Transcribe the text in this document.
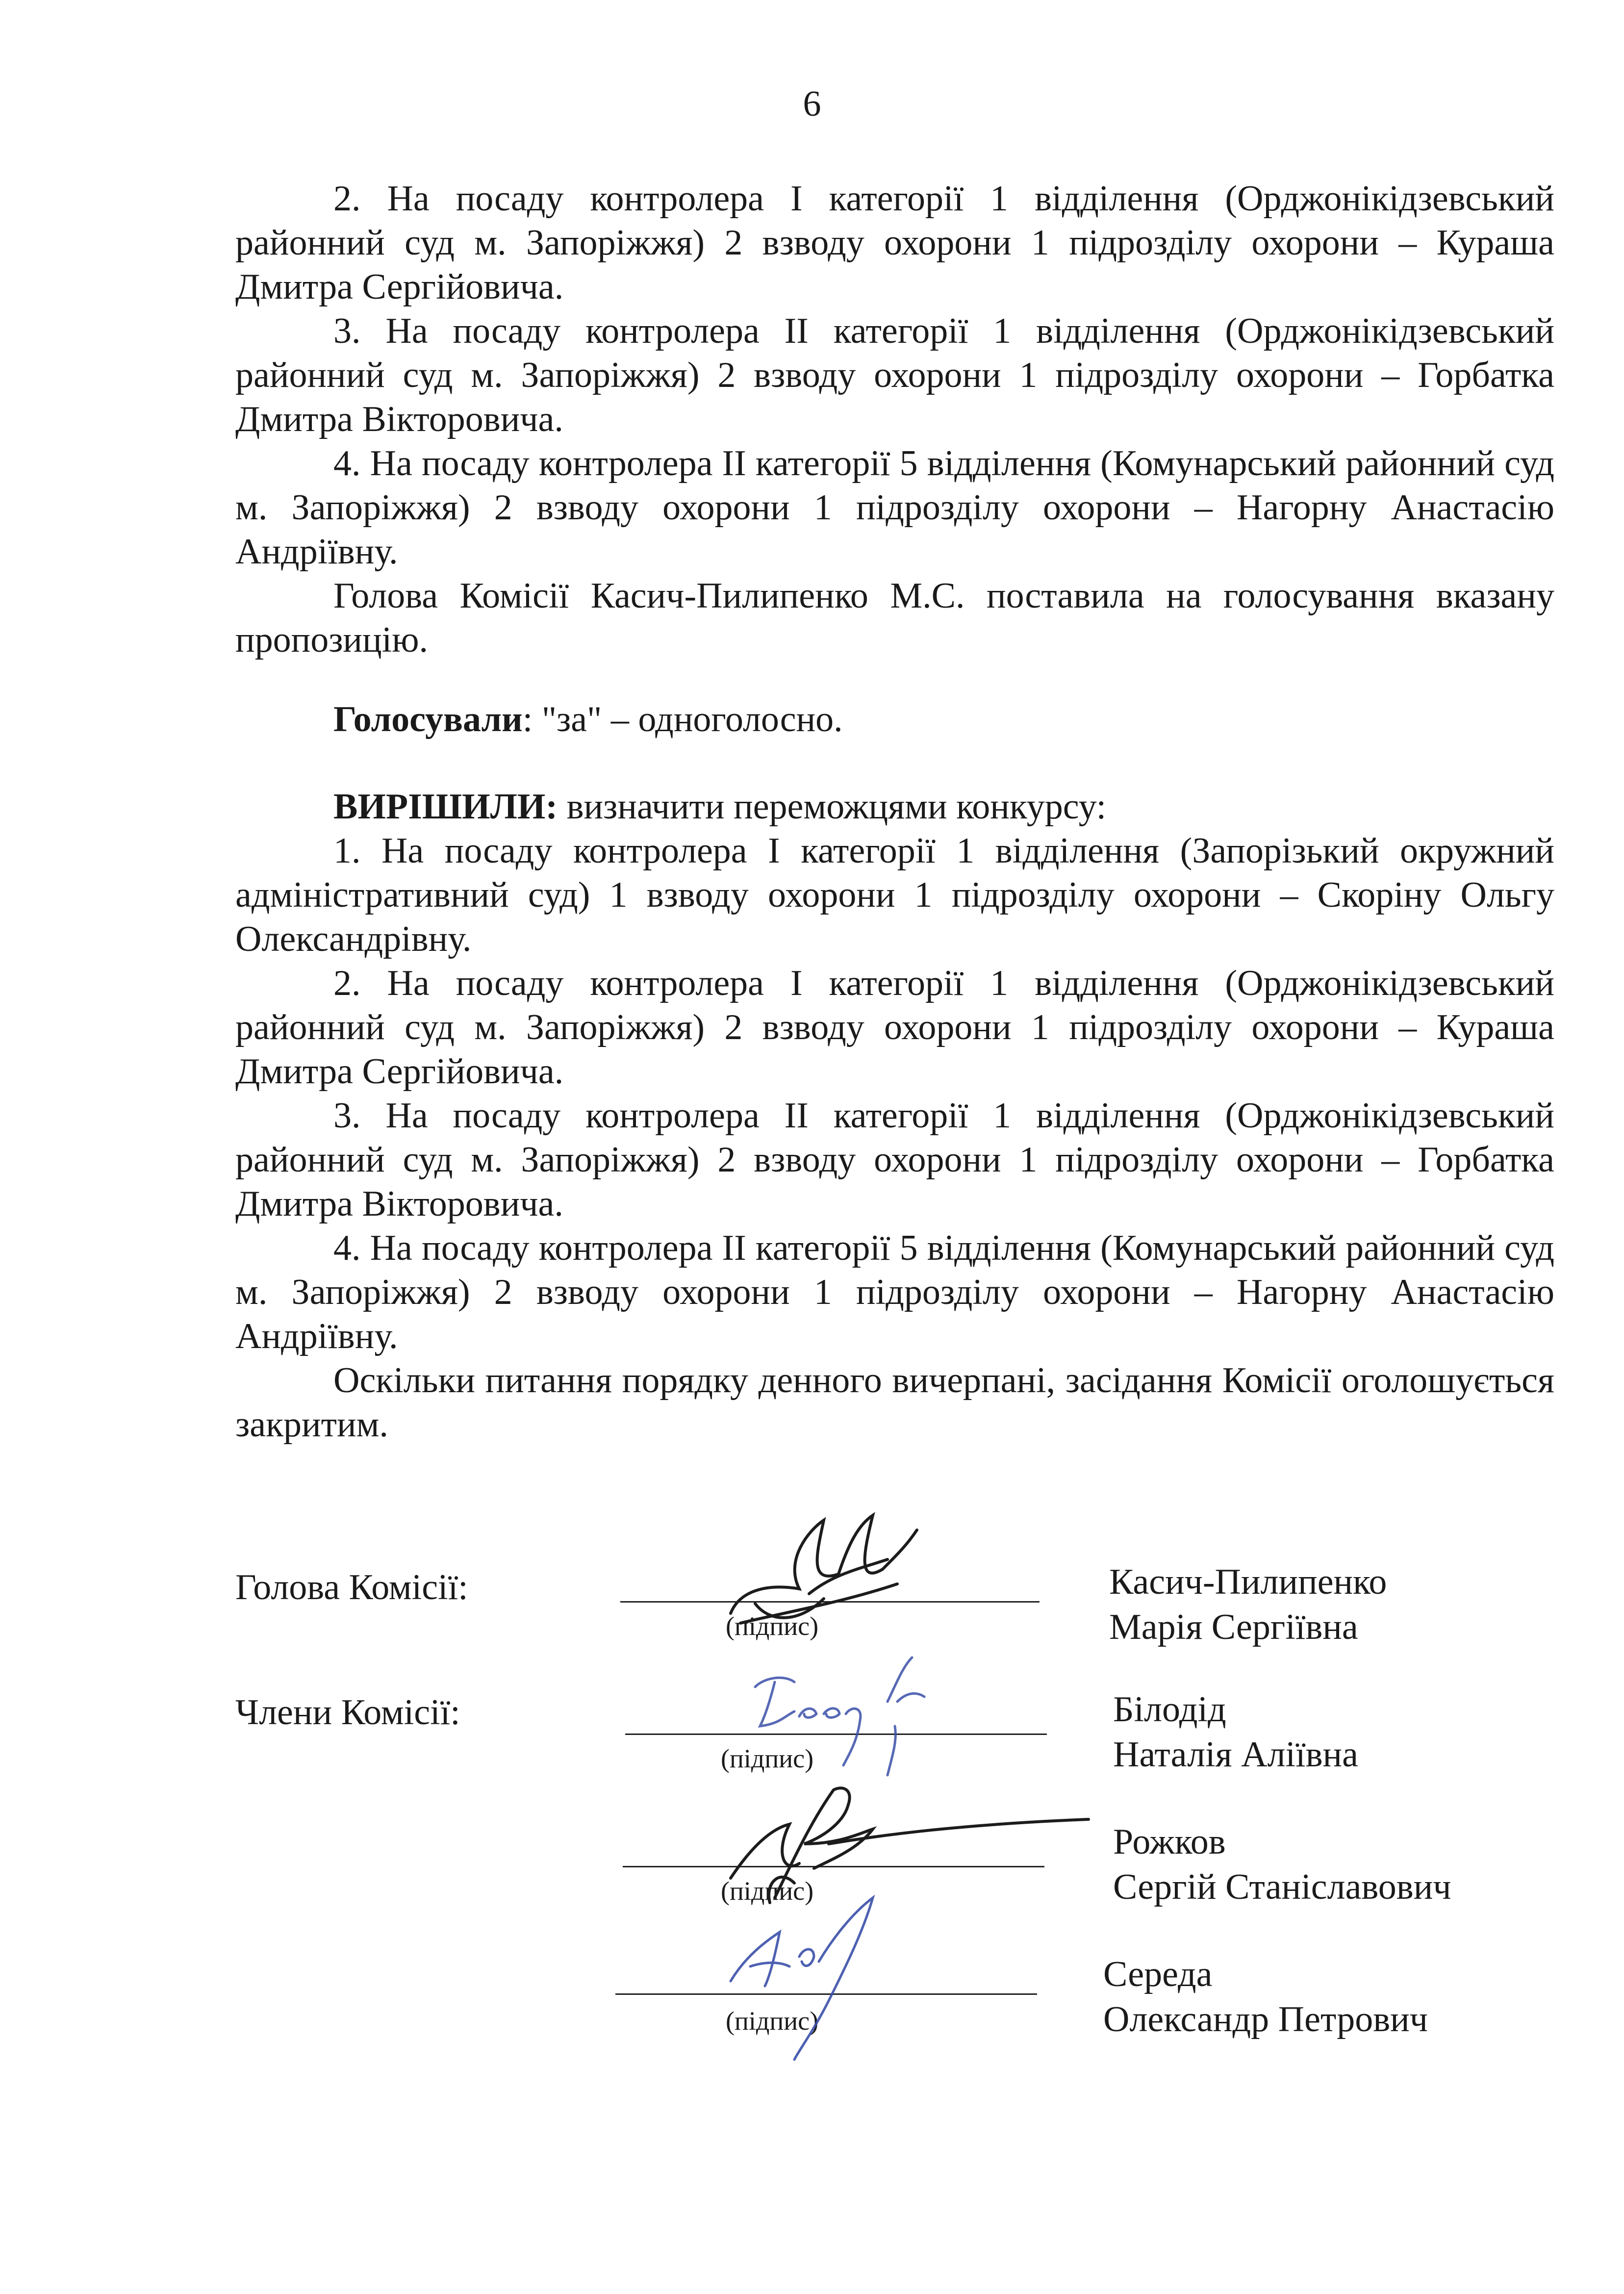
6

2. На посаду контролера І категорії 1 відділення (Орджонікідзевський районний суд м. Запоріжжя) 2 взводу охорони 1 підрозділу охорони – Кураша Дмитра Сергійовича.

3. На посаду контролера ІІ категорії 1 відділення (Орджонікідзевський районний суд м. Запоріжжя) 2 взводу охорони 1 підрозділу охорони – Горбатка Дмитра Вікторовича.

4. На посаду контролера ІІ категорії 5 відділення (Комунарський районний суд м. Запоріжжя) 2 взводу охорони 1 підрозділу охорони – Нагорну Анастасію Андріївну.

Голова Комісії Касич-Пилипенко М.С. поставила на голосування вказану пропозицію.

Голосували: "за" – одноголосно.

ВИРІШИЛИ: визначити переможцями конкурсу:

1. На посаду контролера І категорії 1 відділення (Запорізький окружний адміністративний суд) 1 взводу охорони 1 підрозділу охорони – Скоріну Ольгу Олександрівну.

2. На посаду контролера І категорії 1 відділення (Орджонікідзевський районний суд м. Запоріжжя) 2 взводу охорони 1 підрозділу охорони – Кураша Дмитра Сергійовича.

3. На посаду контролера ІІ категорії 1 відділення (Орджонікідзевський районний суд м. Запоріжжя) 2 взводу охорони 1 підрозділу охорони – Горбатка Дмитра Вікторовича.

4. На посаду контролера ІІ категорії 5 відділення (Комунарський районний суд м. Запоріжжя) 2 взводу охорони 1 підрозділу охорони – Нагорну Анастасію Андріївну.

Оскільки питання порядку денного вичерпані, засідання Комісії оголошується закритим.

Голова Комісії:
(підпис)
Касич-Пилипенко
Марія Сергіївна
Члени Комісії:
(підпис)
Білодід
Наталія Аліївна
(підпис)
Рожков
Сергій Станіславович
(підпис)
Середа
Олександр Петрович
